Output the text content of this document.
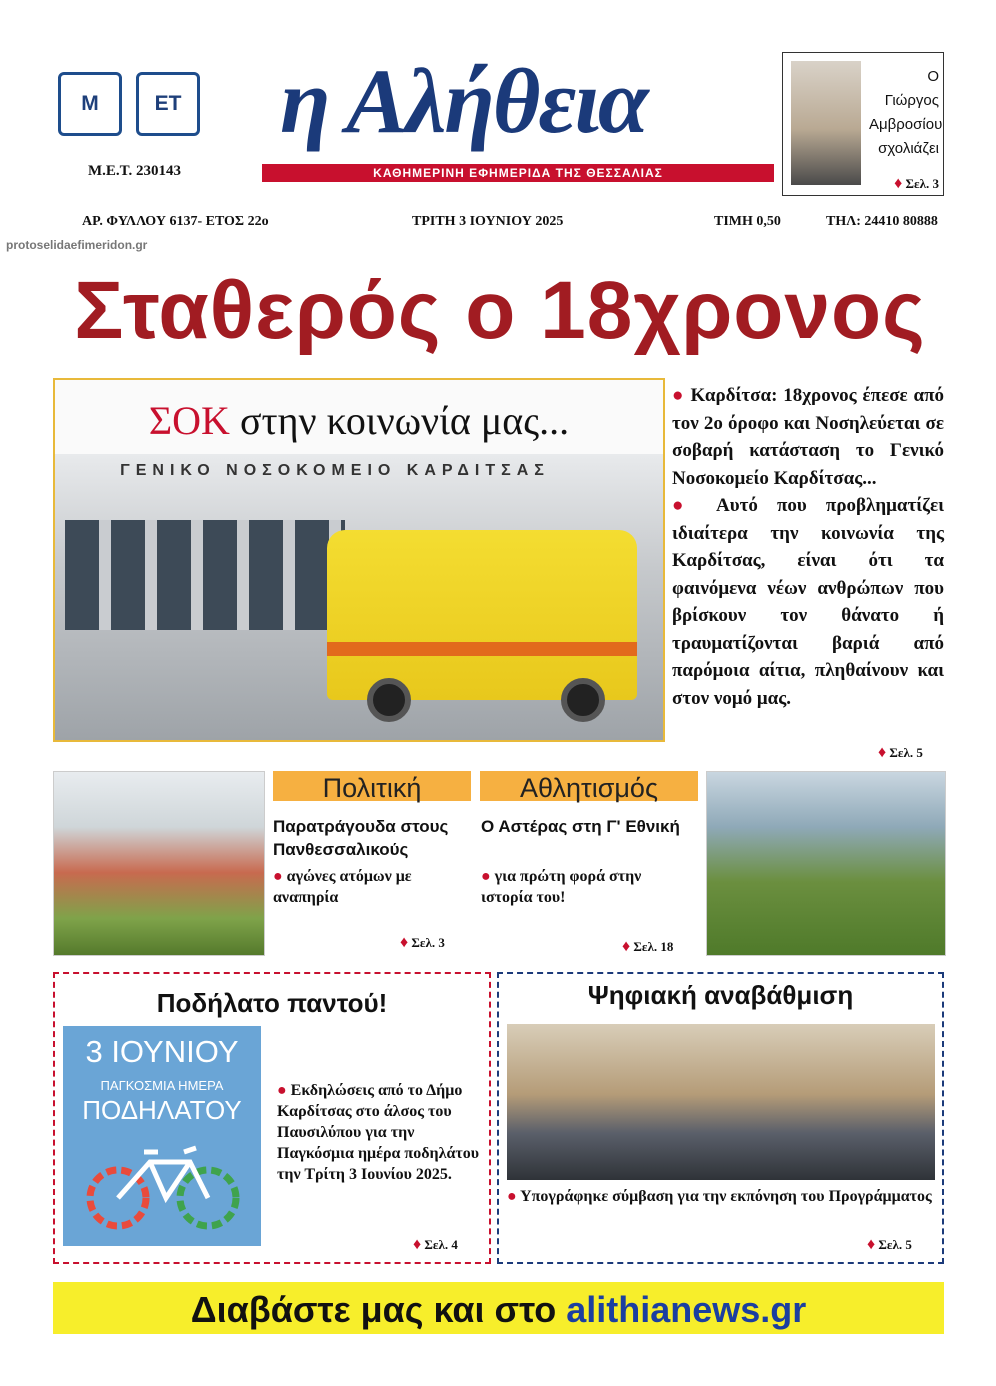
Μ	ΕΤ
Μ.Ε.Τ. 230143
η Αλήθεια
ΚΑΘΗΜΕΡΙΝΗ ΕΦΗΜΕΡΙΔΑ ΤΗΣ ΘΕΣΣΑΛΙΑΣ
Ο Γιώργος
Αμβροσίου
σχολιάζει
♦ Σελ. 3
ΑΡ. ΦΥΛΛΟΥ 6137- ΕΤΟΣ 22ο	ΤΡΙΤΗ 3 ΙΟΥΝΙΟΥ 2025	ΤΙΜΗ 0,50	ΤΗΛ: 24410 80888
protoselidaefimeridon.gr
Σταθερός ο 18χρονος
ΣΟΚ στην κοινωνία μας...
ΓΕΝΙΚΟ ΝΟΣΟΚΟΜΕΙΟ ΚΑΡΔΙΤΣΑΣ
● Καρδίτσα: 18χρονος έπεσε από τον 2ο όροφο και Νοσηλεύεται σε σοβαρή κατάσταση το Γενικό Νοσοκομείο Καρδίτσας...
● Αυτό που προβληματίζει ιδιαίτερα την κοινωνία της Καρδίτσας, είναι ότι τα φαινόμενα νέων ανθρώπων που βρίσκουν τον θάνατο ή τραυματίζονται βαριά από παρόμοια αίτια, πληθαίνουν και στον νομό μας.
♦ Σελ. 5
Πολιτική
Παρατράγουδα στους Πανθεσσαλικούς
● αγώνες ατόμων με αναπηρία
♦ Σελ. 3
Αθλητισμός
Ο Αστέρας στη Γ' Εθνική
● για πρώτη φορά στην ιστορία του!
♦ Σελ. 18
Ποδήλατο παντού!
3 ΙΟΥΝΙΟΥ
ΠΑΓΚΟΣΜΙΑ ΗΜΕΡΑ
ΠΟΔΗΛΑΤΟΥ
● Εκδηλώσεις από το Δήμο Καρδίτσας στο άλσος του Παυσιλύπου για την Παγκόσμια ημέρα ποδηλάτου την Τρίτη 3 Ιουνίου 2025.
♦ Σελ. 4
Ψηφιακή αναβάθμιση
● Υπογράφηκε σύμβαση για την εκπόνηση του Προγράμματος
♦ Σελ. 5
Διαβάστε μας και στο alithianews.gr
